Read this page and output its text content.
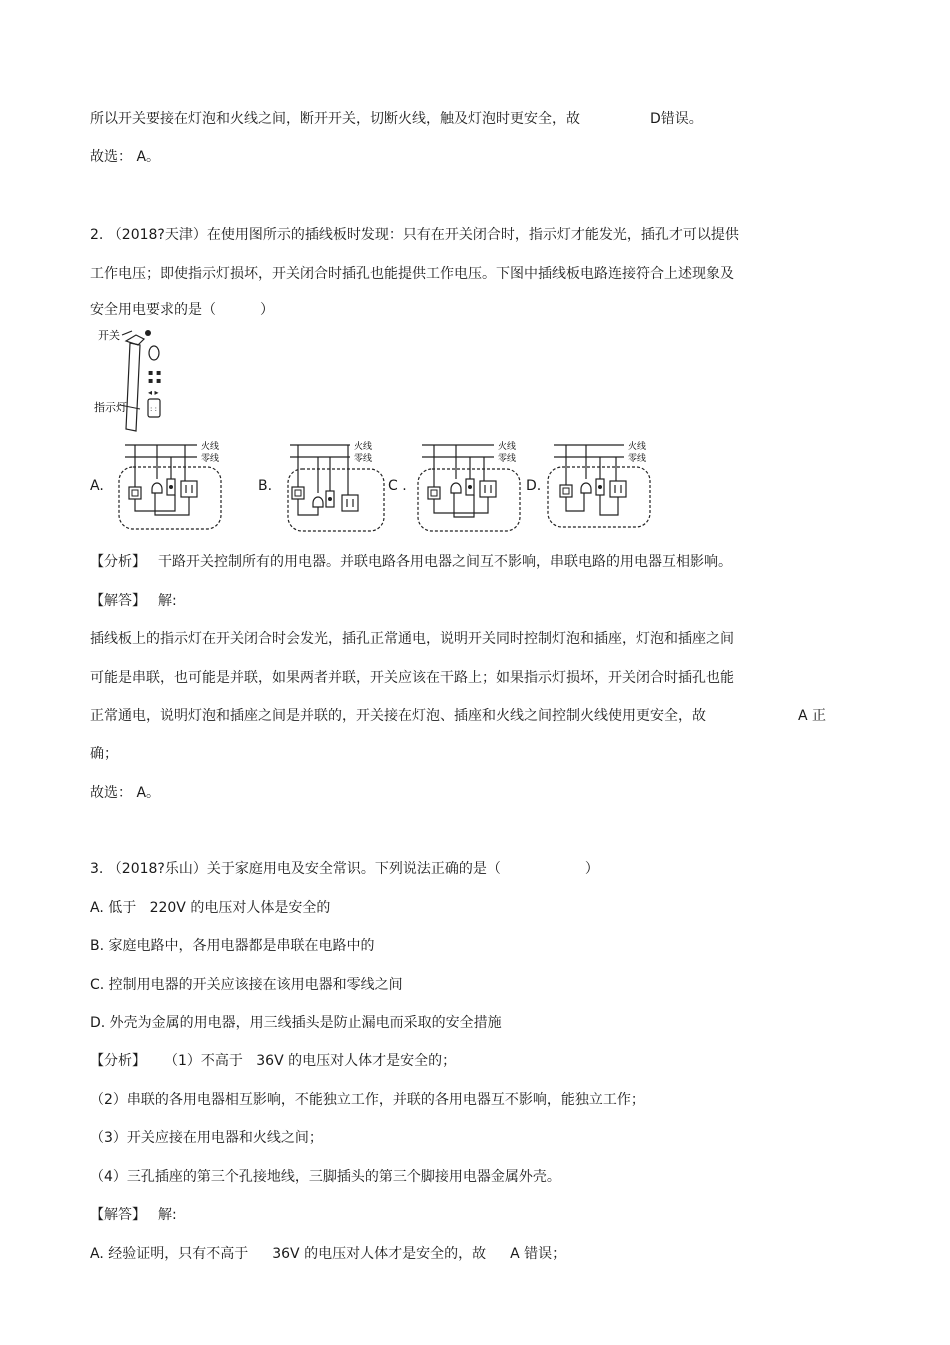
所以开关要接在灯泡和火线之间，断开开关，切断火线，触及灯泡时更安全，故	D错误。
故选： A。
2. （2018?天津）在使用图所示的插线板时发现：只有在开关闭合时，指示灯才能发光，插孔才可以提供
工作电压；即使指示灯损坏，开关闭合时插孔也能提供工作电压。下图中插线板电路连接符合上述现象及
安全用电要求的是（	）
开关
指示灯
▪ ▪
▪ ▪
◂ ▸
: :
A.	B.	C .	D.
火线
零线
火线
零线
火线
零线
火线
零线
【分析】 干路开关控制所有的用电器。并联电路各用电器之间互不影响，串联电路的用电器互相影响。
【解答】 解:
插线板上的指示灯在开关闭合时会发光，插孔正常通电，说明开关同时控制灯泡和插座，灯泡和插座之间
可能是串联，也可能是并联，如果两者并联，开关应该在干路上；如果指示灯损坏，开关闭合时插孔也能
正常通电，说明灯泡和插座之间是并联的，开关接在灯泡、插座和火线之间控制火线使用更安全，故	A 正
确；
故选： A。
3. （2018?乐山）关于家庭用电及安全常识。下列说法正确的是（	）
A. 低于   220V 的电压对人体是安全的
B. 家庭电路中，各用电器都是串联在电路中的
C. 控制用电器的开关应该接在该用电器和零线之间
D. 外壳为金属的用电器，用三线插头是防止漏电而采取的安全措施
【分析】 （1）不高于   36V 的电压对人体才是安全的；
（2）串联的各用电器相互影响，不能独立工作，并联的各用电器互不影响，能独立工作；
（3）开关应接在用电器和火线之间；
（4）三孔插座的第三个孔接地线，三脚插头的第三个脚接用电器金属外壳。
【解答】 解:
A. 经验证明，只有不高于 36V 的电压对人体才是安全的，故 A 错误；
